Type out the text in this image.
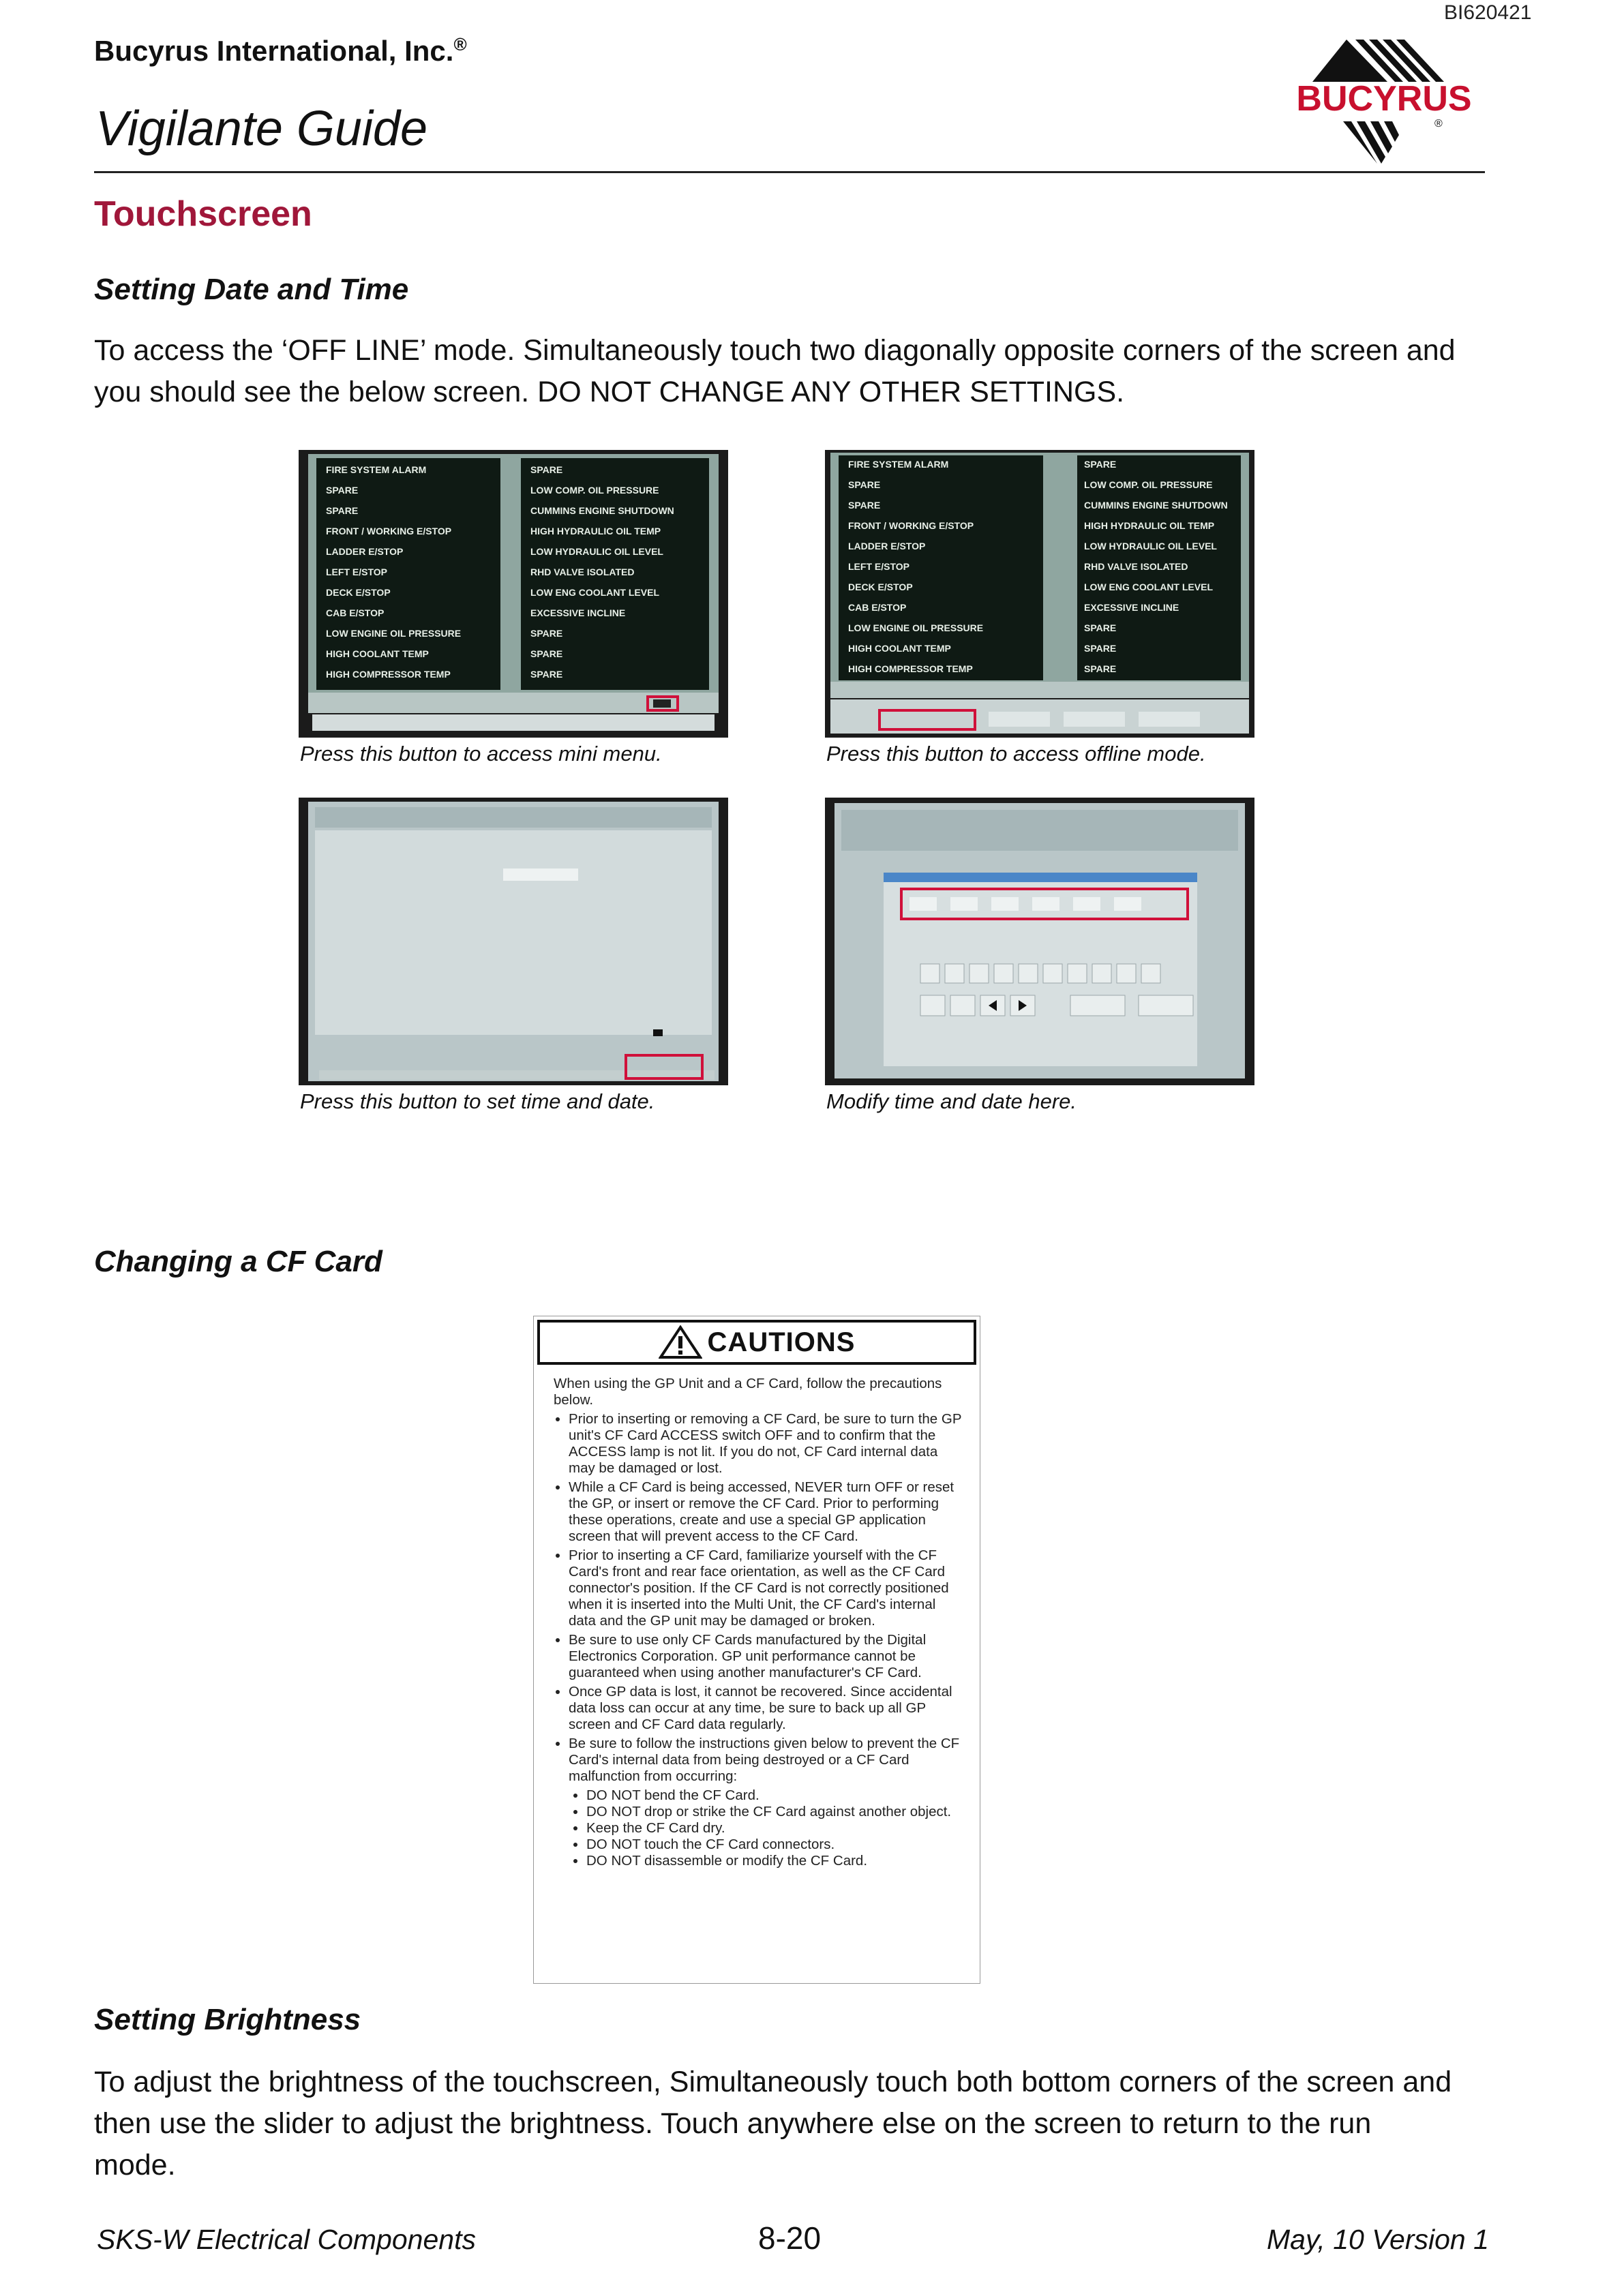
BI620421
Bucyrus International, Inc.®
Vigilante Guide
BUCYRUS
®
Touchscreen
Setting Date and Time
To access the ‘OFF LINE’ mode. Simultaneously touch two diagonally opposite corners of the screen and you should see the below screen. DO NOT CHANGE ANY OTHER SETTINGS.
FIRE SYSTEM ALARM
SPARE
SPARE
FRONT / WORKING E/STOP
LADDER E/STOP
LEFT E/STOP
DECK E/STOP
CAB E/STOP
LOW ENGINE OIL PRESSURE
HIGH COOLANT TEMP
HIGH COMPRESSOR TEMP
SPARE
LOW COMP. OIL PRESSURE
CUMMINS ENGINE SHUTDOWN
HIGH HYDRAULIC OIL TEMP
LOW HYDRAULIC OIL LEVEL
RHD VALVE ISOLATED
LOW ENG COOLANT LEVEL
EXCESSIVE INCLINE
SPARE
SPARE
SPARE
Press this button to access mini menu.
FIRE SYSTEM ALARM
SPARE
SPARE
FRONT / WORKING E/STOP
LADDER E/STOP
LEFT E/STOP
DECK E/STOP
CAB E/STOP
LOW ENGINE OIL PRESSURE
HIGH COOLANT TEMP
HIGH COMPRESSOR TEMP
SPARE
LOW COMP. OIL PRESSURE
CUMMINS ENGINE SHUTDOWN
HIGH HYDRAULIC OIL TEMP
LOW HYDRAULIC OIL LEVEL
RHD VALVE ISOLATED
LOW ENG COOLANT LEVEL
EXCESSIVE INCLINE
SPARE
SPARE
SPARE
Press this button to access offline mode.
Press this button to set time and date.	Modify time and date here.
Changing a CF Card
CAUTIONS
When using the GP Unit and a CF Card, follow the precautions below.
• Prior to inserting or removing a CF Card, be sure to turn the GP unit's CF Card ACCESS switch OFF and to confirm that the ACCESS lamp is not lit. If you do not, CF Card internal data may be damaged or lost.
• While a CF Card is being accessed, NEVER turn OFF or reset the GP, or insert or remove the CF Card. Prior to performing these operations, create and use a special GP application screen that will prevent access to the CF Card.
• Prior to inserting a CF Card, familiarize yourself with the CF Card's front and rear face orientation, as well as the CF Card connector's position. If the CF Card is not correctly positioned when it is inserted into the Multi Unit, the CF Card's internal data and the GP unit may be damaged or broken.
• Be sure to use only CF Cards manufactured by the Digital Electronics Corporation. GP unit performance cannot be guaranteed when using another manufacturer's CF Card.
• Once GP data is lost, it cannot be recovered. Since accidental data loss can occur at any time, be sure to back up all GP screen and CF Card data regularly.
• Be sure to follow the instructions given below to prevent the CF Card's internal data from being destroyed or a CF Card malfunction from occurring:
• DO NOT bend the CF Card.
• DO NOT drop or strike the CF Card against another object.
• Keep the CF Card dry.
• DO NOT touch the CF Card connectors.
• DO NOT disassemble or modify the CF Card.
Setting Brightness
To adjust the brightness of the touchscreen, Simultaneously touch both bottom corners of the screen and then use the slider to adjust the brightness. Touch anywhere else on the screen to return to the run mode.
SKS-W Electrical Components	8-20	May, 10 Version 1
